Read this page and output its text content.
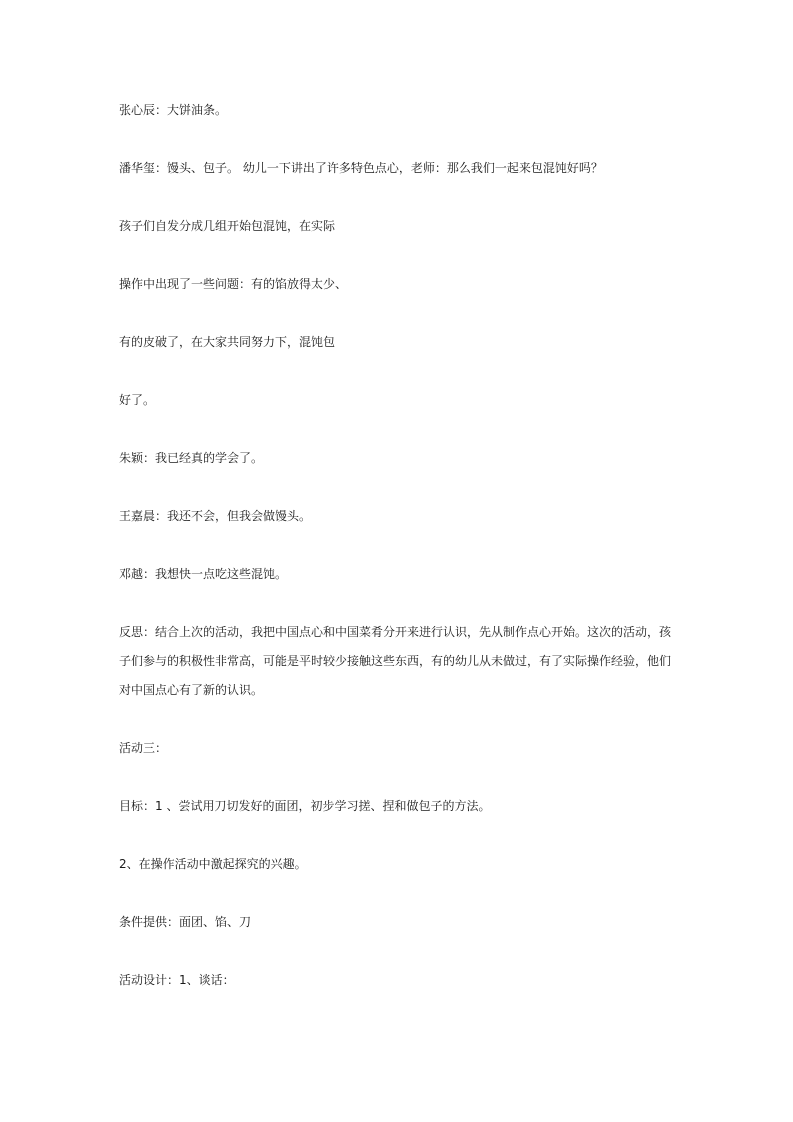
张心辰：大饼油条。

潘华玺：馒头、包子。 幼儿一下讲出了许多特色点心，老师：那么我们一起来包混饨好吗？

孩子们自发分成几组开始包混饨，在实际

操作中出现了一些问题：有的馅放得太少、

有的皮破了，在大家共同努力下，混饨包

好了。

朱颖：我已经真的学会了。

王嘉晨：我还不会，但我会做馒头。

邓越：我想快一点吃这些混饨。

反思：结合上次的活动，我把中国点心和中国菜肴分开来进行认识，先从制作点心开始。这次的活动，孩子们参与的积极性非常高，可能是平时较少接触这些东西，有的幼儿从未做过，有了实际操作经验，他们对中国点心有了新的认识。

活动三：

目标：1 、尝试用刀切发好的面团，初步学习搓、捏和做包子的方法。

2、在操作活动中激起探究的兴趣。

条件提供：面团、馅、刀

活动设计：1、谈话：
